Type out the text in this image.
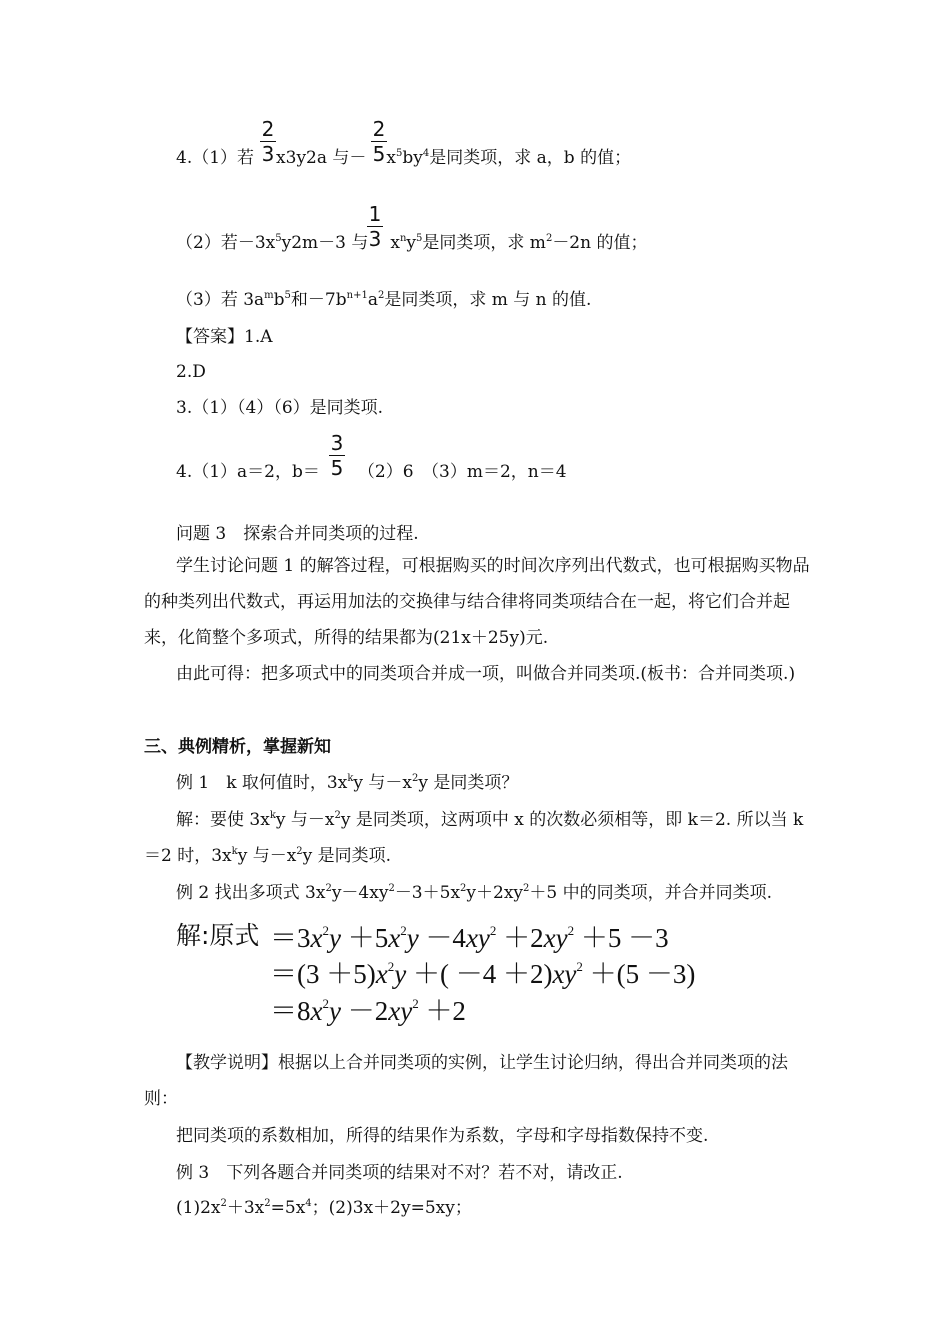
2
3
2
5
4.（1）若 x3y2a 与－ $x^5by^4$是同类项，求 a，b 的值；
1
3
（2）若$-3x^5y2m-3$ 与 $x^ny^5$是同类项，求 $m^2-2n$ 的值；
（3）若 $3a^mb^5$和$-7b^{n+1}a^2$是同类项，求 m 与 n 的值.
【答案】1.A
2.D
3.（1）（4）（6）是同类项.
3
5
4.（1）a＝2，b＝ （2）6　（3）m＝2，n＝4
问题 3　探索合并同类项的过程.
学生讨论问题 1 的解答过程，可根据购买的时间次序列出代数式，也可根据购买物品的种类列出代数式，再运用加法的交换律与结合律将同类项结合在一起，将它们合并起来，化简整个多项式，所得的结果都为(21x＋25y)元.
由此可得：把多项式中的同类项合并成一项，叫做合并同类项.(板书：合并同类项.)
三、典例精析，掌握新知
例 1　k 取何值时，$3x^ky$ 与$-x^2y$ 是同类项？
解：要使 $3x^ky$ 与$-x^2y$ 是同类项，这两项中 x 的次数必须相等，即 k＝2. 所以当 k＝2 时，$3x^ky$ 与$-x^2y$ 是同类项.
例 2 找出多项式 $3x^2y-4xy^2-3+5x^2y+2xy^2+5$ 中的同类项，并合并同类项.
解:原式 $=3x^2y +5x^2y -4xy^2 +2xy^2 +5 -3$
$=(3 +5)x^2y$ ＋( $-4 +2)xy^2 +(5 -3)$
$=8x^2y -2xy^2 +2$
【教学说明】根据以上合并同类项的实例，让学生讨论归纳，得出合并同类项的法则：
把同类项的系数相加，所得的结果作为系数，字母和字母指数保持不变.
例 3　下列各题合并同类项的结果对不对？若不对，请改正.
$(1)2x^2+3x^2=5x^4$；(2)3x＋2y=5xy；
